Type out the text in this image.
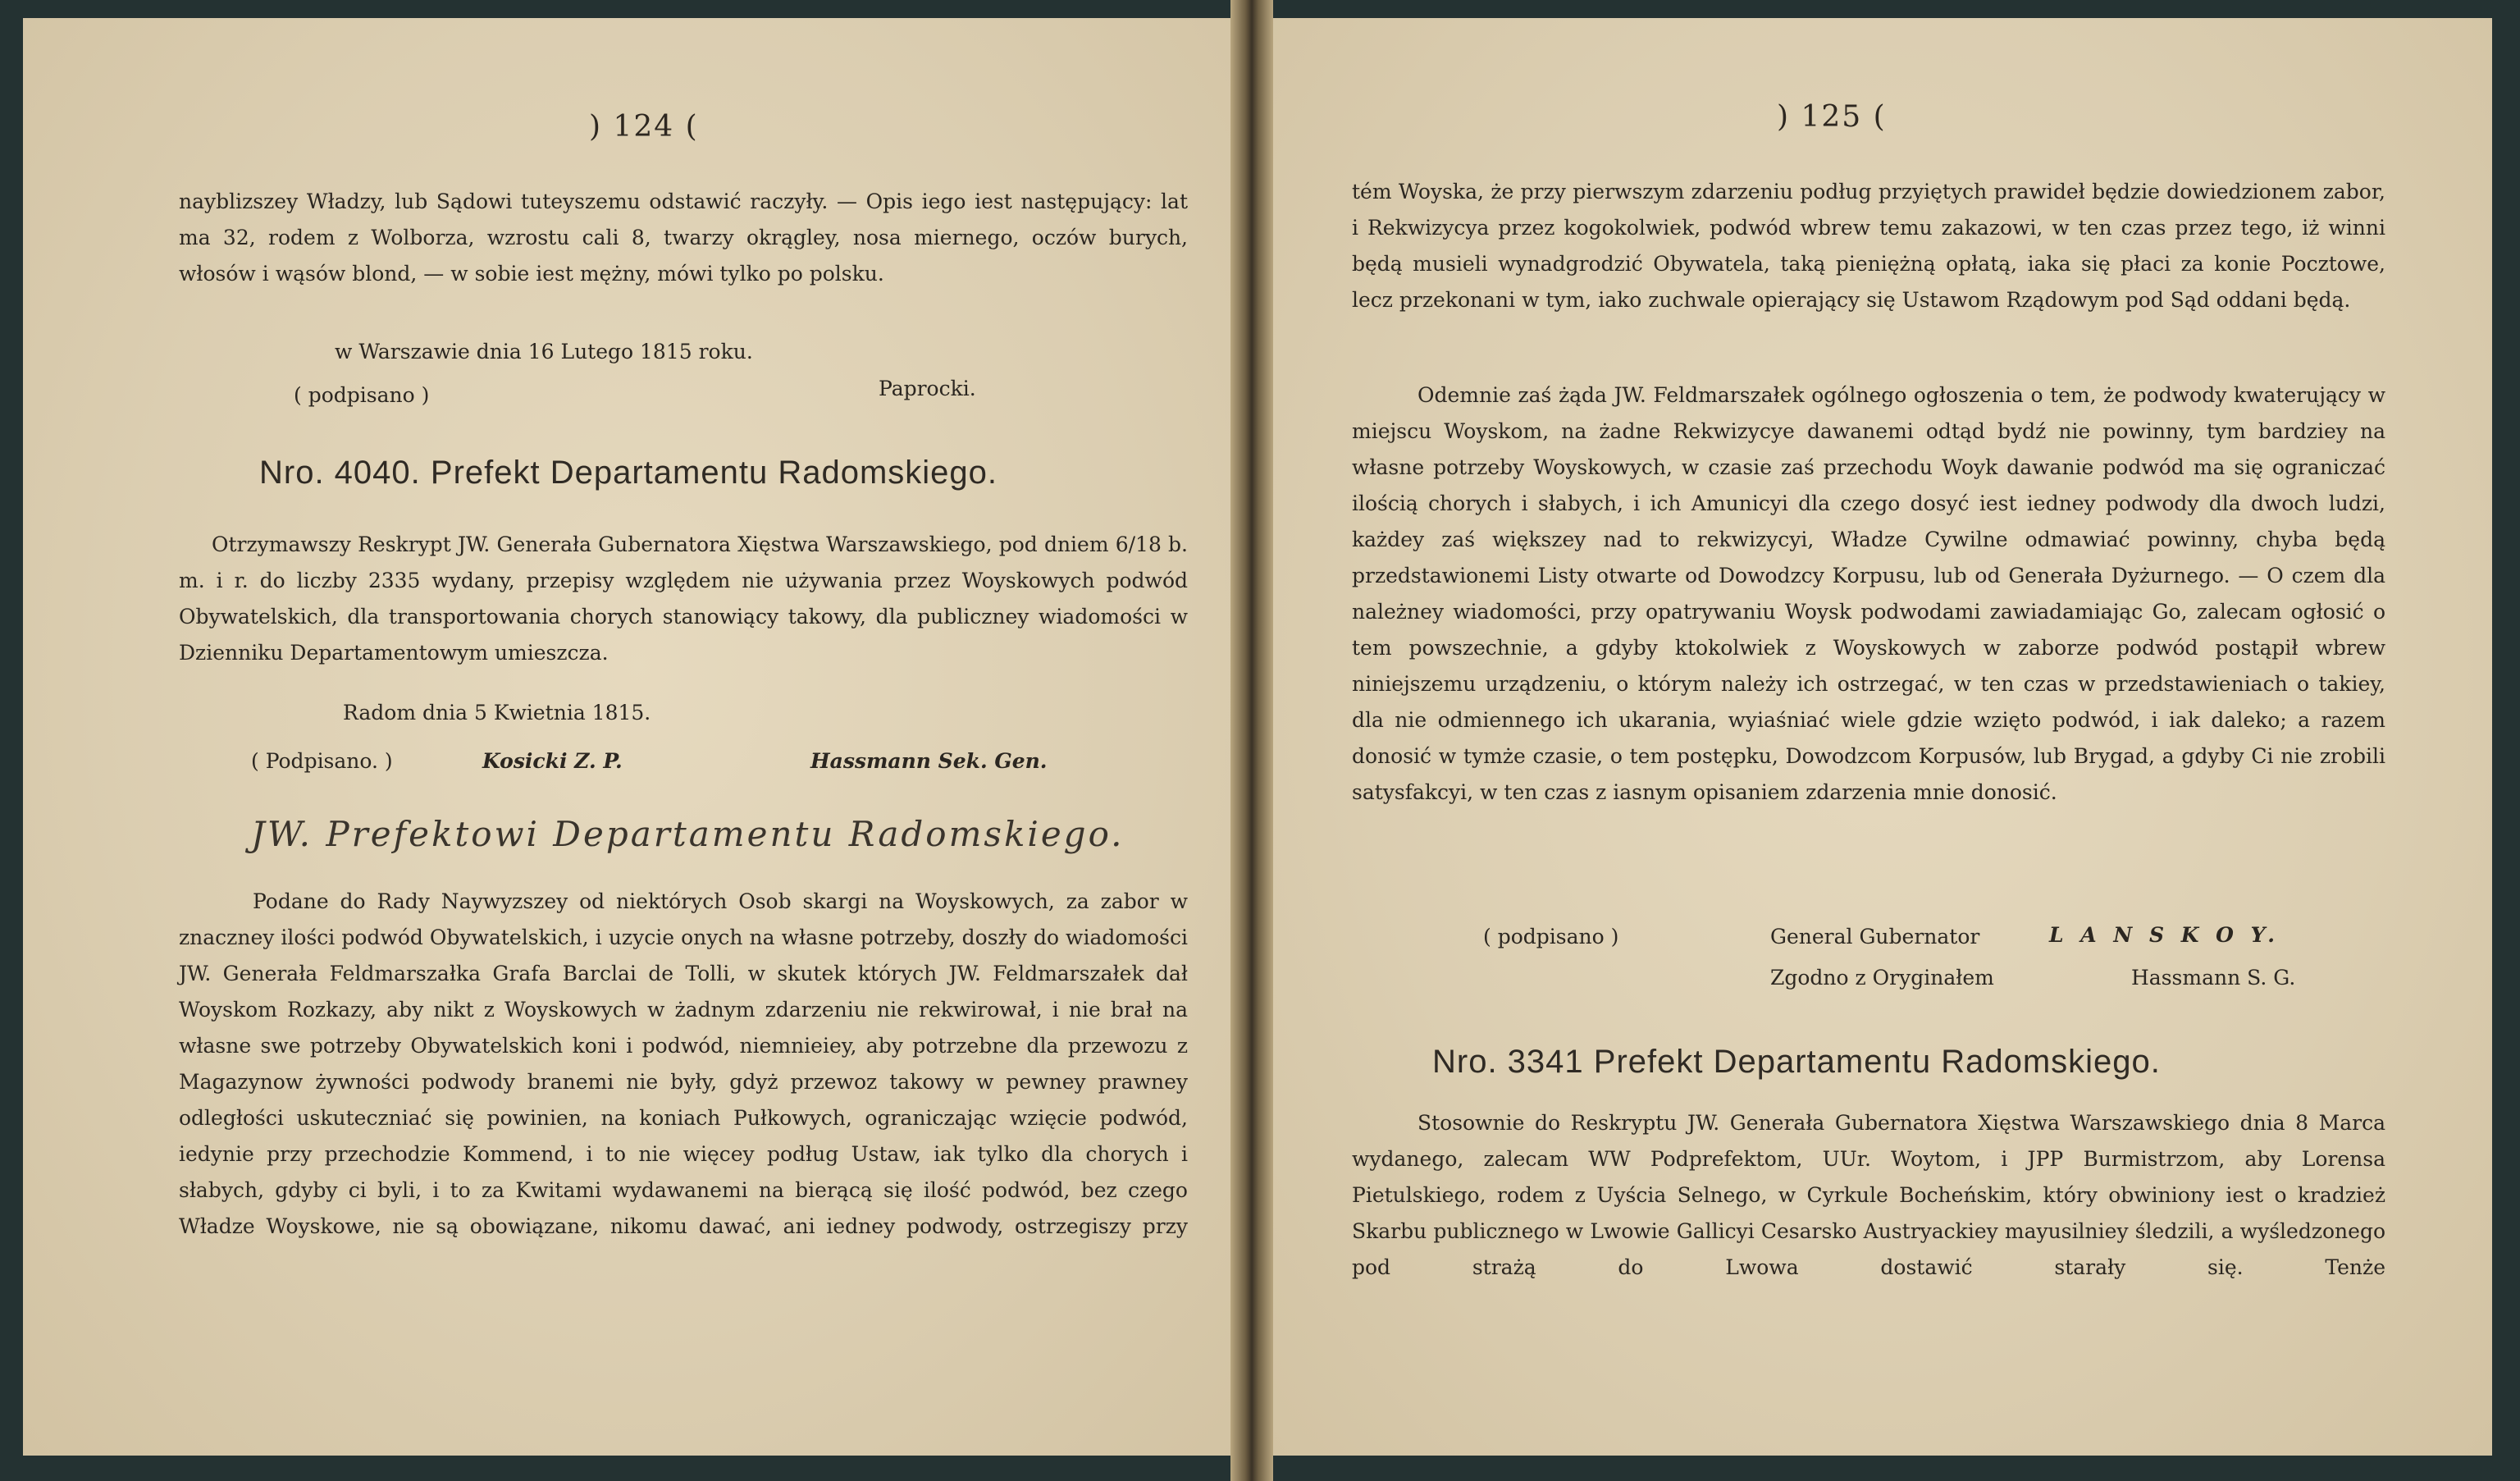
) 124 (
nayblizszey Władzy, lub Sądowi tuteyszemu odstawić raczyły. — Opis iego iest następujący: lat ma 32, rodem z Wolborza, wzrostu cali 8, twarzy okrągley, nosa miernego, oczów burych, włosów i wąsów blond, — w sobie iest mężny, mówi tylko po polsku.
w Warszawie dnia 16 Lutego 1815 roku.
( podpisano )	Paprocki.
Nro. 4040. Prefekt Departamentu Radomskiego.
Otrzymawszy Reskrypt JW. Generała Gubernatora Xięstwa Warszawskiego, pod dniem 6/18 b. m. i r. do liczby 2335 wydany, przepisy względem nie używania przez Woyskowych podwód Obywatelskich, dla transportowania chorych stanowiący takowy, dla publiczney wiadomości w Dzienniku Departamentowym umieszcza.
Radom dnia 5 Kwietnia 1815.
( Podpisano. )	Kosicki Z. P.	Hassmann Sek. Gen.
JW. Prefektowi Departamentu Radomskiego.
Podane do Rady Naywyzszey od niektórych Osob skargi na Woyskowych, za zabor w znaczney ilości podwód Obywatelskich, i uzycie onych na własne potrzeby, doszły do wiadomości JW. Generała Feldmarszałka Grafa Barclai de Tolli, w skutek których JW. Feldmarszałek dał Woyskom Rozkazy, aby nikt z Woyskowych w żadnym zdarzeniu nie rekwirował, i nie brał na własne swe potrzeby Obywatelskich koni i podwód, niemnieiey, aby potrzebne dla przewozu z Magazynow żywności podwody branemi nie były, gdyż przewoz takowy w pewney prawney odległości uskuteczniać się powinien, na koniach Pułkowych, ograniczając wzięcie podwód, iedynie przy przechodzie Kommend, i to nie więcey podług Ustaw, iak tylko dla chorych i słabych, gdyby ci byli, i to za Kwitami wydawanemi na bierącą się ilość podwód, bez czego Władze Woyskowe, nie są obowiązane, nikomu dawać, ani iedney podwody, ostrzegiszy przy
) 125 (
tém Woyska, że przy pierwszym zdarzeniu podług przyiętych prawideł będzie dowiedzionem zabor, i Rekwizycya przez kogokolwiek, podwód wbrew temu zakazowi, w ten czas przez tego, iż winni będą musieli wynadgrodzić Obywatela, taką pieniężną opłatą, iaka się płaci za konie Pocztowe, lecz przekonani w tym, iako zuchwale opierający się Ustawom Rządowym pod Sąd oddani będą.
Odemnie zaś żąda JW. Feldmarszałek ogólnego ogłoszenia o tem, że podwody kwaterujący w miejscu Woyskom, na żadne Rekwizycye dawanemi odtąd bydź nie powinny, tym bardziey na własne potrzeby Woyskowych, w czasie zaś przechodu Woyk dawanie podwód ma się ograniczać ilością chorych i słabych, i ich Amunicyi dla czego dosyć iest iedney podwody dla dwoch ludzi, każdey zaś większey nad to rekwizycyi, Władze Cywilne odmawiać powinny, chyba będą przedstawionemi Listy otwarte od Dowodzcy Korpusu, lub od Generała Dyżurnego. — O czem dla należney wiadomości, przy opatrywaniu Woysk podwodami zawiadamiając Go, zalecam ogłosić o tem powszechnie, a gdyby ktokolwiek z Woyskowych w zaborze podwód postąpił wbrew niniejszemu urządzeniu, o którym należy ich ostrzegać, w ten czas w przedstawieniach o takiey, dla nie odmiennego ich ukarania, wyiaśniać wiele gdzie wzięto podwód, i iak daleko; a razem donosić w tymże czasie, o tem postępku, Dowodzcom Korpusów, lub Brygad, a gdyby Ci nie zrobili satysfakcyi, w ten czas z iasnym opisaniem zdarzenia mnie donosić.
( podpisano )	General Gubernator	L A N S K O Y.
Zgodno z Oryginałem	Hassmann S. G.
Nro. 3341 Prefekt Departamentu Radomskiego.
Stosownie do Reskryptu JW. Generała Gubernatora Xięstwa Warszawskiego dnia 8 Marca wydanego, zalecam WW Podprefektom, UUr. Woytom, i JPP Burmistrzom, aby Lorensa Pietulskiego, rodem z Uyścia Selnego, w Cyrkule Bocheńskim, który obwiniony iest o kradzież Skarbu publicznego w Lwowie Gallicyi Cesarsko Austryackiey mayusilniey śledzili, a wyśledzonego pod strażą do Lwowa dostawić starały się. Tenże
